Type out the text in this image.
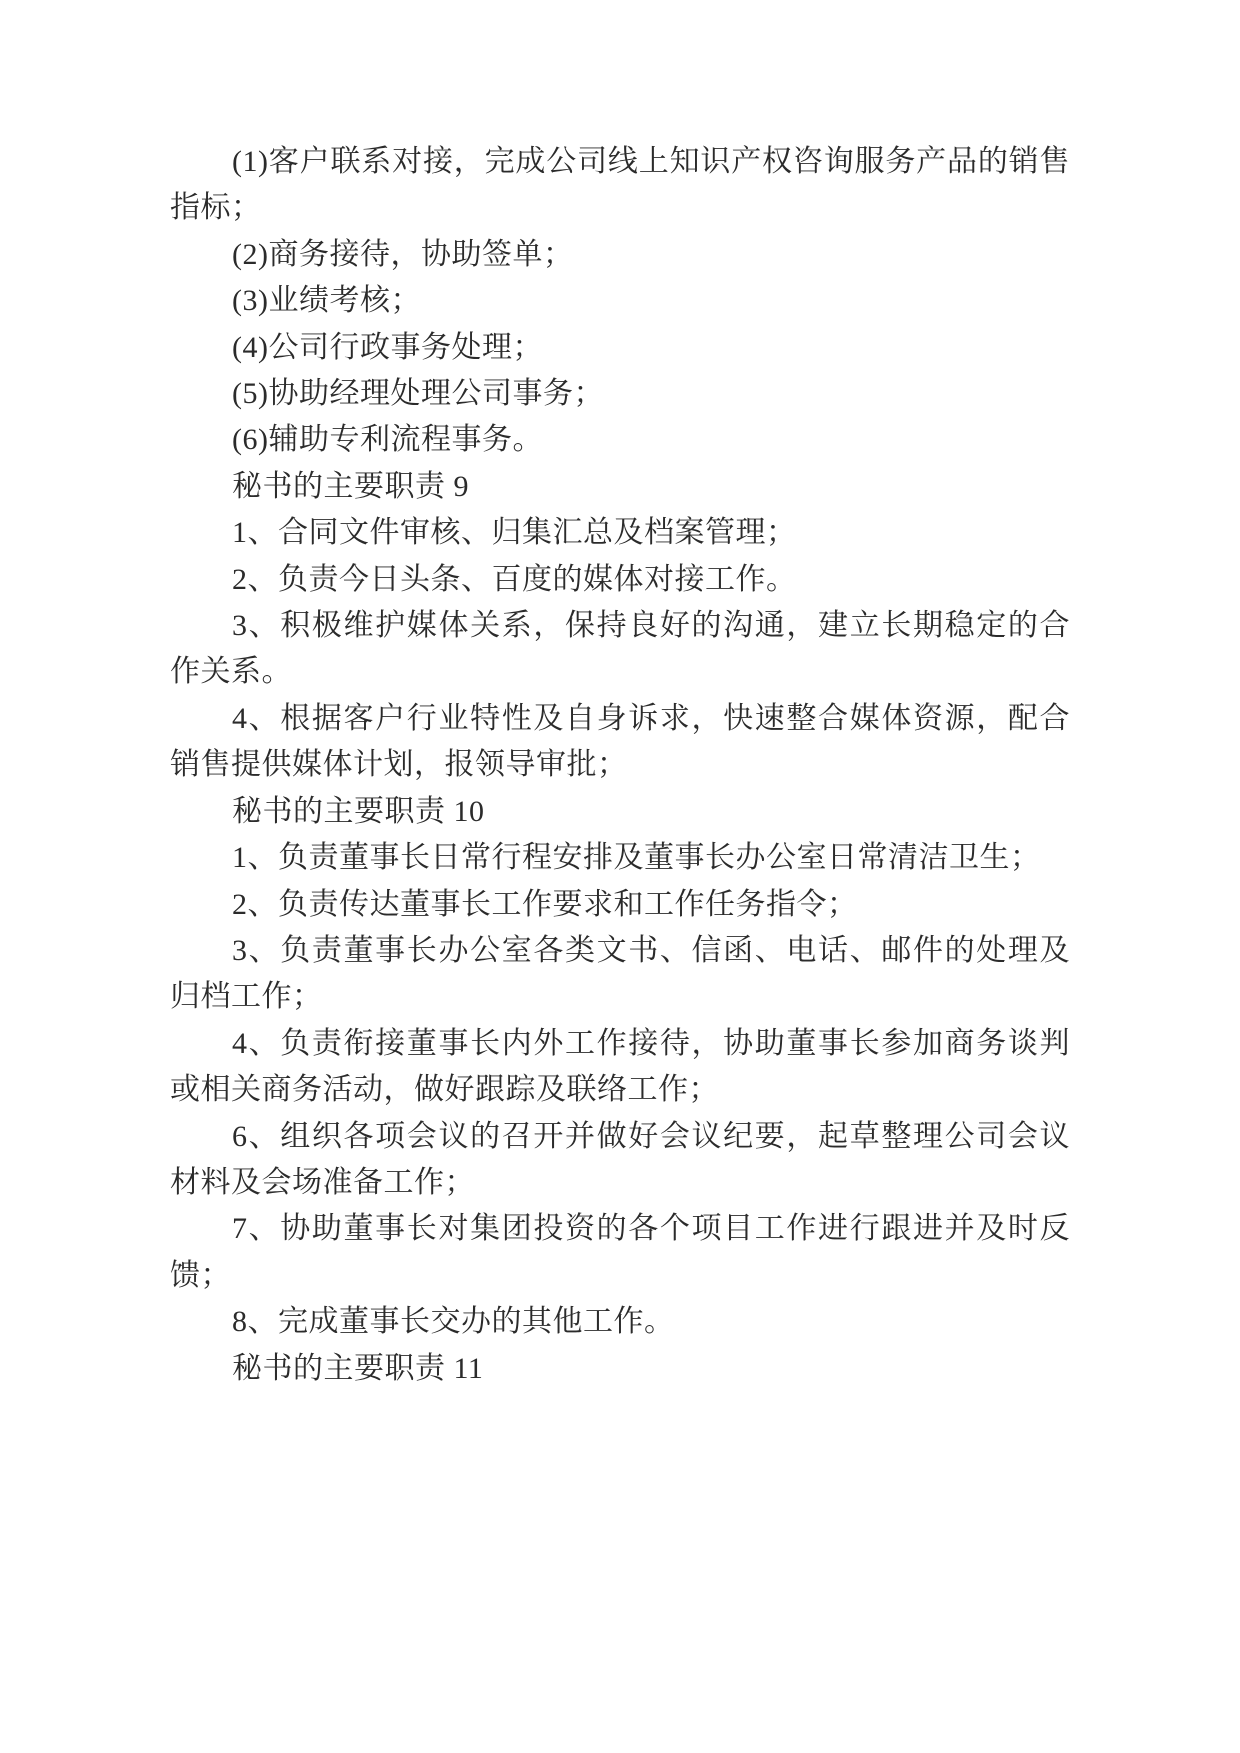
(1)客户联系对接，完成公司线上知识产权咨询服务产品的销售指标；

(2)商务接待，协助签单；

(3)业绩考核；

(4)公司行政事务处理；

(5)协助经理处理公司事务；

(6)辅助专利流程事务。

秘书的主要职责 9

1、合同文件审核、归集汇总及档案管理；

2、负责今日头条、百度的媒体对接工作。

3、积极维护媒体关系，保持良好的沟通，建立长期稳定的合作关系。

4、根据客户行业特性及自身诉求，快速整合媒体资源，配合销售提供媒体计划，报领导审批；

秘书的主要职责 10

1、负责董事长日常行程安排及董事长办公室日常清洁卫生；

2、负责传达董事长工作要求和工作任务指令；

3、负责董事长办公室各类文书、信函、电话、邮件的处理及归档工作；

4、负责衔接董事长内外工作接待，协助董事长参加商务谈判或相关商务活动，做好跟踪及联络工作；

6、组织各项会议的召开并做好会议纪要，起草整理公司会议材料及会场准备工作；

7、协助董事长对集团投资的各个项目工作进行跟进并及时反馈；

8、完成董事长交办的其他工作。

秘书的主要职责 11
